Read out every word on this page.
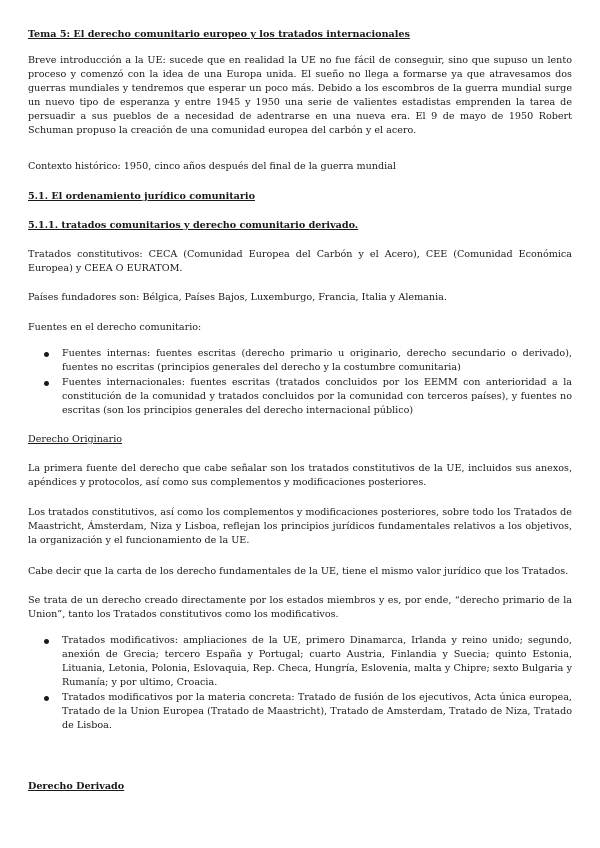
Tema 5: El derecho comunitario europeo y los tratados internacionales

Breve introducción a la UE: sucede que en realidad la UE no fue fácil de conseguir, sino que supuso un lento proceso y comenzó con la idea de una Europa unida. El sueño no llega a formarse ya que atravesamos dos guerras mundiales y tendremos que esperar un poco más. Debido a los escombros de la guerra mundial surge un nuevo tipo de esperanza y entre 1945 y 1950 una serie de valientes estadistas emprenden la tarea de persuadir a sus pueblos de a necesidad de adentrarse en una nueva era. El 9 de mayo de 1950 Robert Schuman propuso la creación de una comunidad europea del carbón y el acero.

Contexto histórico: 1950, cinco años después del final de la guerra mundial

5.1. El ordenamiento jurídico comunitario

5.1.1. tratados comunitarios y derecho comunitario derivado.

Tratados constitutivos: CECA (Comunidad Europea del Carbón y el Acero), CEE (Comunidad Económica Europea) y CEEA O EURATOM.

Países fundadores son: Bélgica, Países Bajos, Luxemburgo, Francia, Italia y Alemania.

Fuentes en el derecho comunitario:

Fuentes internas: fuentes escritas (derecho primario u originario, derecho secundario o derivado), fuentes no escritas (principios generales del derecho y la costumbre comunitaria)
Fuentes internacionales: fuentes escritas (tratados concluidos por los EEMM con anterioridad a la constitución de la comunidad y tratados concluidos por la comunidad con terceros países), y fuentes no escritas (son los principios generales del derecho internacional público)

Derecho Originario

La primera fuente del derecho que cabe señalar son los tratados constitutivos de la UE, incluidos sus anexos, apéndices y protocolos, así como sus complementos y modificaciones posteriores.

Los tratados constitutivos, así como los complementos y modificaciones posteriores, sobre todo los Tratados de Maastricht, Ámsterdam, Niza y Lisboa, reflejan los principios jurídicos fundamentales relativos a los objetivos, la organización y el funcionamiento de la UE.

Cabe decir que la carta de los derecho fundamentales de la UE, tiene el mismo valor jurídico que los Tratados.

Se trata de un derecho creado directamente por los estados miembros y es, por ende, “derecho primario de la Union”, tanto los Tratados constitutivos como los modificativos.

Tratados modificativos: ampliaciones de la UE, primero Dinamarca, Irlanda y reino unido; segundo, anexión de Grecia; tercero España y Portugal; cuarto Austria, Finlandia y Suecia; quinto Estonia, Lituania, Letonia, Polonia, Eslovaquia, Rep. Checa, Hungría, Eslovenia, malta y Chipre; sexto Bulgaria y Rumanía; y por ultimo, Croacia.
Tratados modificativos por la materia concreta: Tratado de fusión de los ejecutivos, Acta única europea, Tratado de la Union Europea (Tratado de Maastricht), Tratado de Amsterdam, Tratado de Niza, Tratado de Lisboa.

Derecho Derivado
